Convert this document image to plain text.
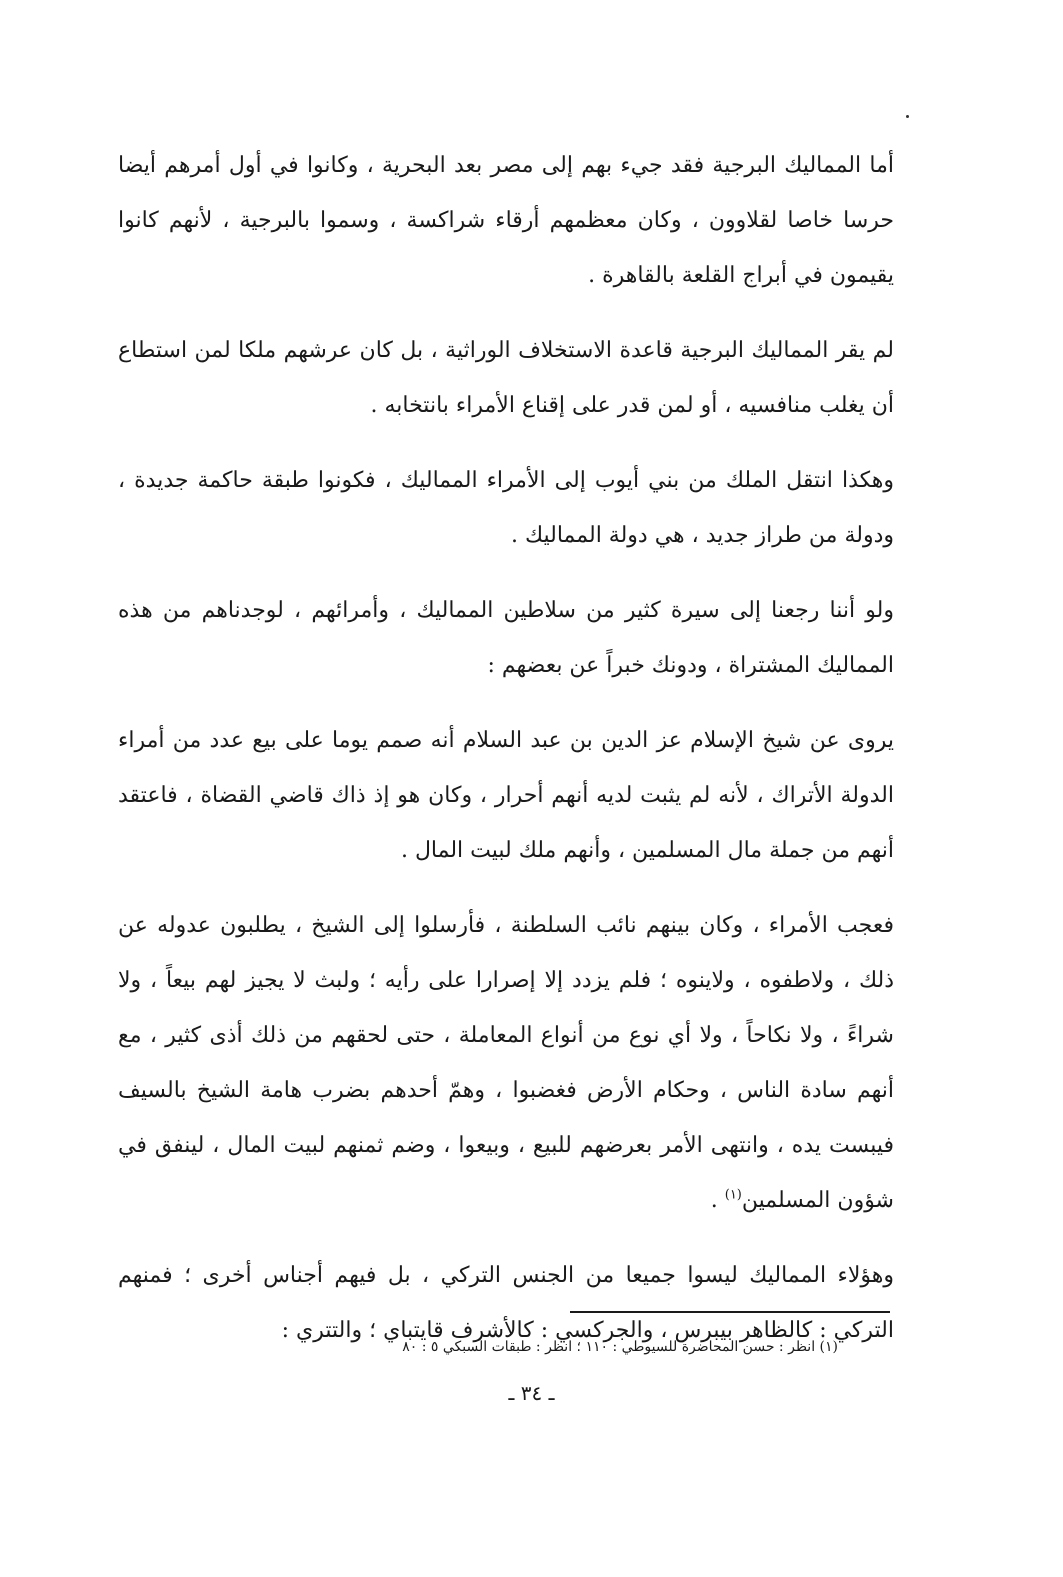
أما المماليك البرجية فقد جيء بهم إلى مصر بعد البحرية ، وكانوا في أول أمرهم أيضا حرسا خاصا لقلاوون ، وكان معظمهم أرقاء شراكسة ، وسموا بالبرجية ، لأنهم كانوا يقيمون في أبراج القلعة بالقاهرة .

لم يقر المماليك البرجية قاعدة الاستخلاف الوراثية ، بل كان عرشهم ملكا لمن استطاع أن يغلب منافسيه ، أو لمن قدر على إقناع الأمراء بانتخابه .

وهكذا انتقل الملك من بني أيوب إلى الأمراء المماليك ، فكونوا طبقة حاكمة جديدة ، ودولة من طراز جديد ، هي دولة المماليك .

ولو أننا رجعنا إلى سيرة كثير من سلاطين المماليك ، وأمرائهم ، لوجدناهم من هذه المماليك المشتراة ، ودونك خبراً عن بعضهم :

يروى عن شيخ الإسلام عز الدين بن عبد السلام أنه صمم يوما على بيع عدد من أمراء الدولة الأتراك ، لأنه لم يثبت لديه أنهم أحرار ، وكان هو إذ ذاك قاضي القضاة ، فاعتقد أنهم من جملة مال المسلمين ، وأنهم ملك لبيت المال .

فعجب الأمراء ، وكان بينهم نائب السلطنة ، فأرسلوا إلى الشيخ ، يطلبون عدوله عن ذلك ، ولاطفوه ، ولاينوه ؛ فلم يزدد إلا إصرارا على رأيه ؛ ولبث لا يجيز لهم بيعاً ، ولا شراءً ، ولا نكاحاً ، ولا أي نوع من أنواع المعاملة ، حتى لحقهم من ذلك أذى كثير ، مع أنهم سادة الناس ، وحكام الأرض فغضبوا ، وهمّ أحدهم بضرب هامة الشيخ بالسيف فيبست يده ، وانتهى الأمر بعرضهم للبيع ، وبيعوا ، وضم ثمنهم لبيت المال ، لينفق في شؤون المسلمين$^{(١)}$ .

وهؤلاء المماليك ليسوا جميعا من الجنس التركي ، بل فيهم أجناس أخرى ؛ فمنهم التركي : كالظاهر بيبرس ، والجركسي : كالأشرف قايتباي ؛ والتتري :

(١) انظر : حسن المحاضرة للسيوطي : ١١٠ ؛ انظر : طبقات السبكي ٥ : ٨٠
ـ ٣٤ ـ
